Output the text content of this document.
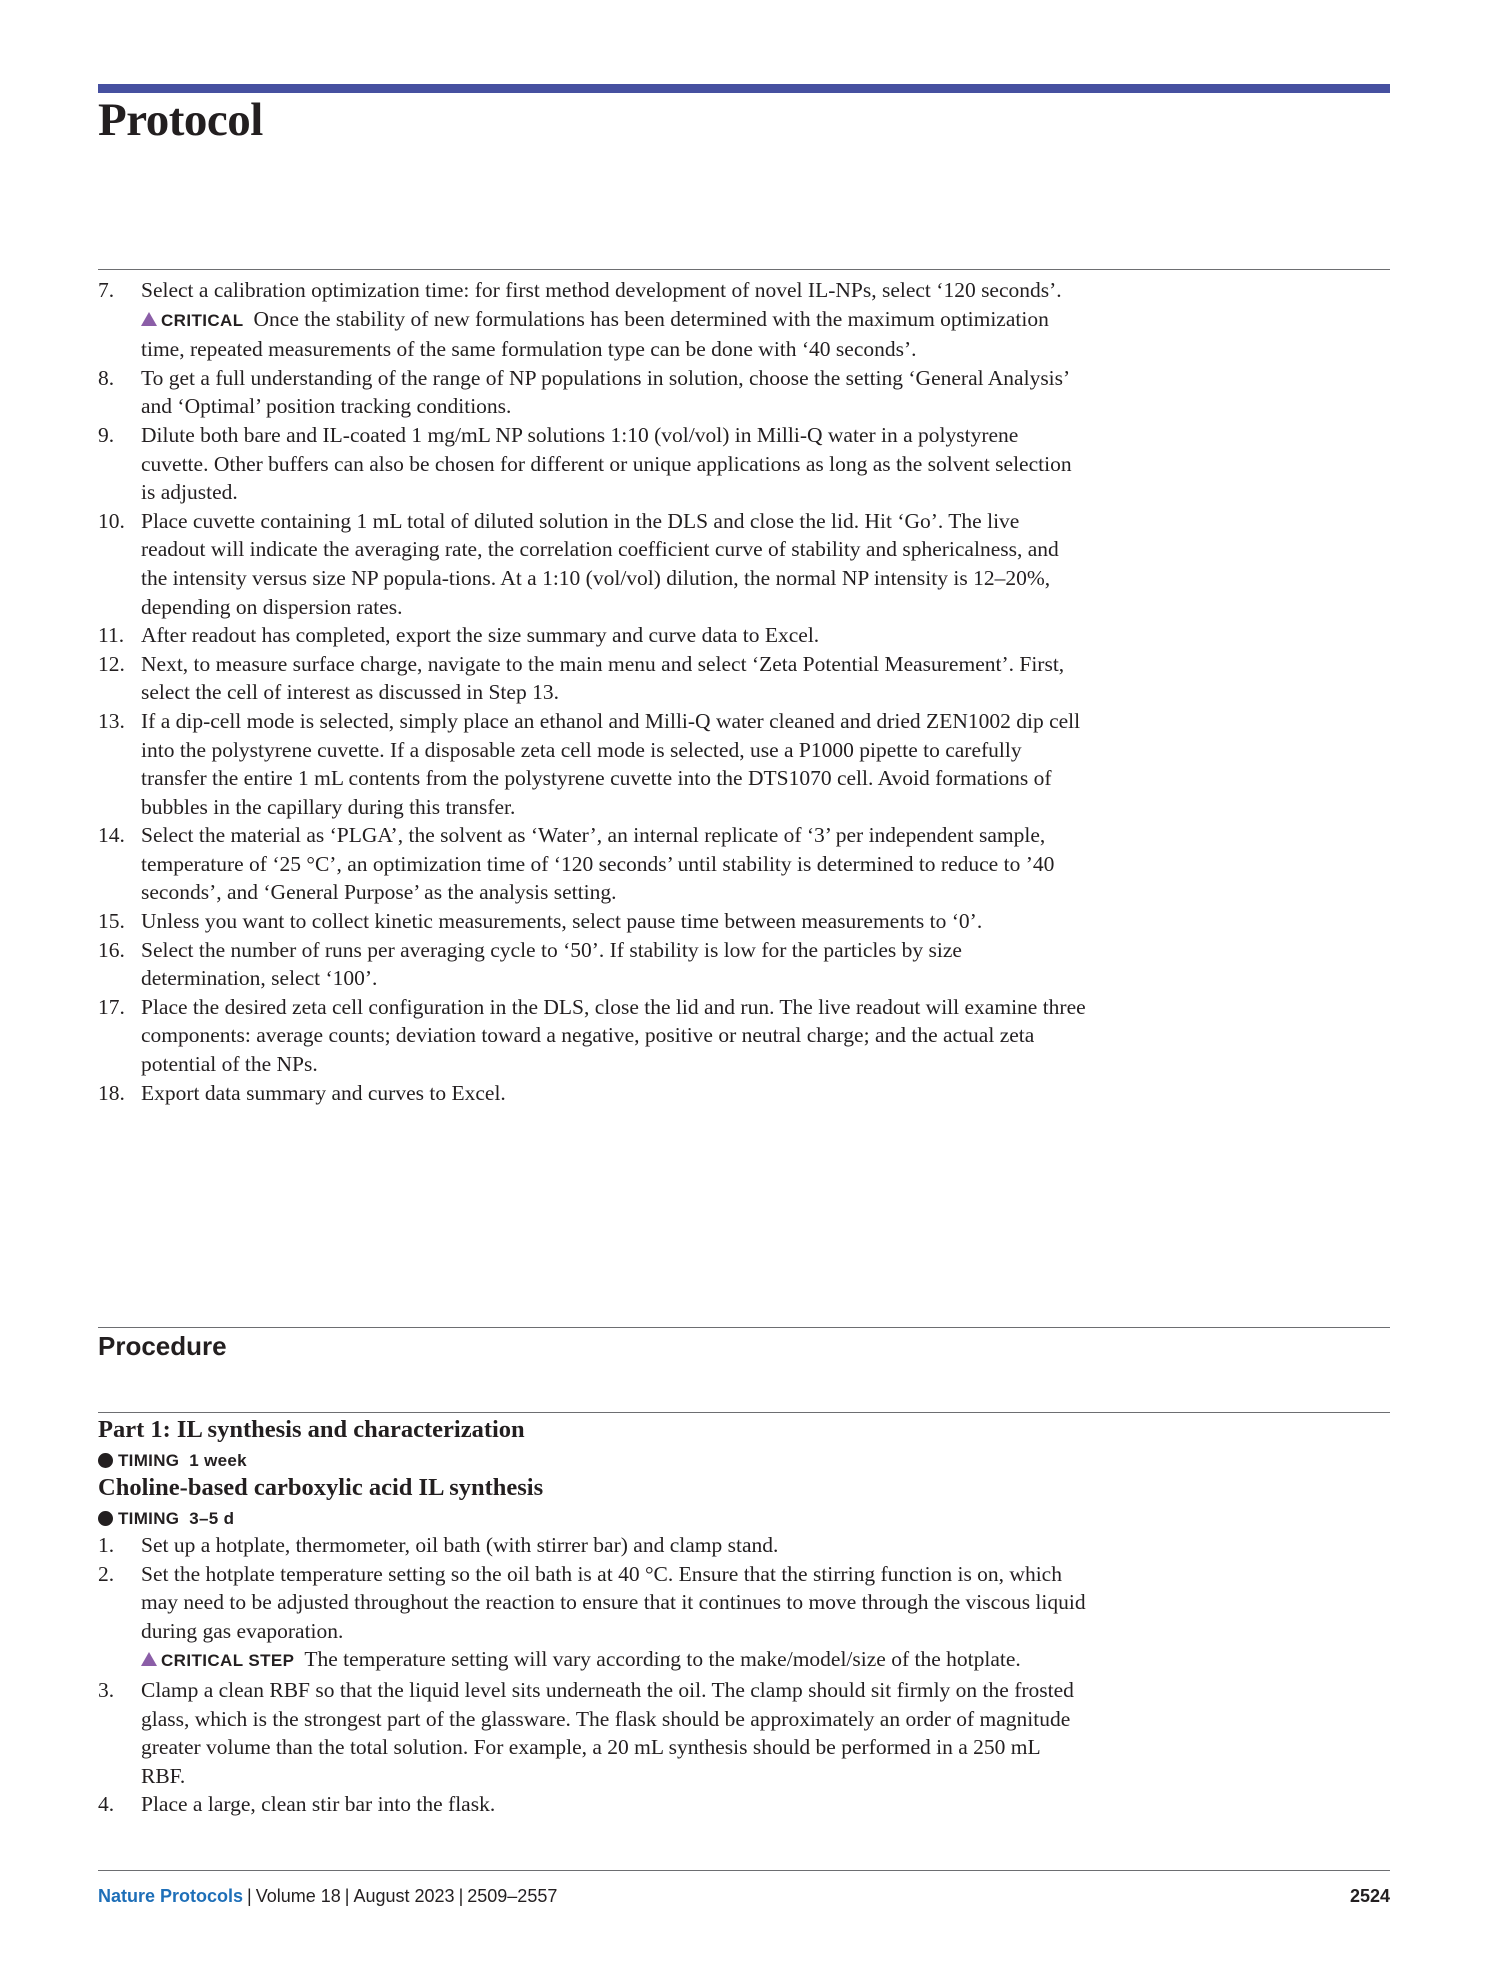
Protocol
7. Select a calibration optimization time: for first method development of novel IL-NPs, select ‘120 seconds’.
CRITICAL Once the stability of new formulations has been determined with the maximum optimization time, repeated measurements of the same formulation type can be done with ‘40 seconds’.
8. To get a full understanding of the range of NP populations in solution, choose the setting ‘General Analysis’ and ‘Optimal’ position tracking conditions.
9. Dilute both bare and IL-coated 1 mg/mL NP solutions 1:10 (vol/vol) in Milli-Q water in a polystyrene cuvette. Other buffers can also be chosen for different or unique applications as long as the solvent selection is adjusted.
10. Place cuvette containing 1 mL total of diluted solution in the DLS and close the lid. Hit ‘Go’. The live readout will indicate the averaging rate, the correlation coefficient curve of stability and sphericalness, and the intensity versus size NP popula-tions. At a 1:10 (vol/vol) dilution, the normal NP intensity is 12–20%, depending on dispersion rates.
11. After readout has completed, export the size summary and curve data to Excel.
12. Next, to measure surface charge, navigate to the main menu and select ‘Zeta Potential Measurement’. First, select the cell of interest as discussed in Step 13.
13. If a dip-cell mode is selected, simply place an ethanol and Milli-Q water cleaned and dried ZEN1002 dip cell into the polystyrene cuvette. If a disposable zeta cell mode is selected, use a P1000 pipette to carefully transfer the entire 1 mL contents from the polystyrene cuvette into the DTS1070 cell. Avoid formations of bubbles in the capillary during this transfer.
14. Select the material as ‘PLGA’, the solvent as ‘Water’, an internal replicate of ‘3’ per independent sample, temperature of ‘25 °C’, an optimization time of ‘120 seconds’ until stability is determined to reduce to ’40 seconds’, and ‘General Purpose’ as the analysis setting.
15. Unless you want to collect kinetic measurements, select pause time between measurements to ‘0’.
16. Select the number of runs per averaging cycle to ‘50’. If stability is low for the particles by size determination, select ‘100’.
17. Place the desired zeta cell configuration in the DLS, close the lid and run. The live readout will examine three components: average counts; deviation toward a negative, positive or neutral charge; and the actual zeta potential of the NPs.
18. Export data summary and curves to Excel.
Procedure
Part 1: IL synthesis and characterization
TIMING 1 week
Choline-based carboxylic acid IL synthesis
TIMING 3–5 d
1. Set up a hotplate, thermometer, oil bath (with stirrer bar) and clamp stand.
2. Set the hotplate temperature setting so the oil bath is at 40 °C. Ensure that the stirring function is on, which may need to be adjusted throughout the reaction to ensure that it continues to move through the viscous liquid during gas evaporation.
CRITICAL STEP The temperature setting will vary according to the make/model/size of the hotplate.
3. Clamp a clean RBF so that the liquid level sits underneath the oil. The clamp should sit firmly on the frosted glass, which is the strongest part of the glassware. The flask should be approximately an order of magnitude greater volume than the total solution. For example, a 20 mL synthesis should be performed in a 250 mL RBF.
4. Place a large, clean stir bar into the flask.
Nature Protocols | Volume 18 | August 2023 | 2509–2557	2524
